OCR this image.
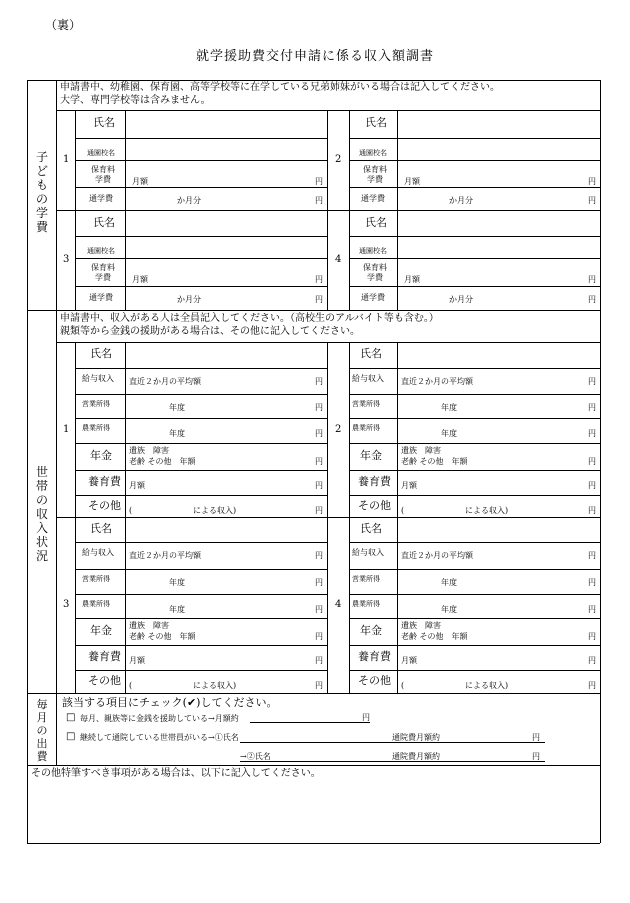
（裏）
就学援助費交付申請に係る収入額調書
申請書中、幼稚園、保育園、高等学校等に在学している兄弟姉妹がいる場合は記入してください。
大学、専門学校等は含みません。
子どもの学費
1
氏名
通園校名
保育料
学費	月額	円
通学費	か月分	円
2
氏名
通園校名
保育料
学費	月額	円
通学費	か月分	円
3
氏名
通園校名
保育料
学費	月額	円
通学費	か月分	円
4
氏名
通園校名
保育料
学費	月額	円
通学費	か月分	円
申請書中、収入がある人は全員記入してください。（高校生のアルバイト等も含む。）
親類等から金銭の援助がある場合は、その他に記入してください。
世帯の収入状況
1
氏名
給与収入 直近２か月の平均額	円
営業所得	年度	円
農業所得
年度	円
年金 遺族　障害
老齢 その他　年額	円
養育費 月額	円
その他 (	による収入)	円
2
氏名
給与収入 直近２か月の平均額	円
営業所得	年度	円
農業所得
年度	円
年金 遺族　障害
老齢 その他　年額	円
養育費 月額	円
その他 (	による収入)	円
3
氏名
給与収入 直近２か月の平均額	円
営業所得	年度	円
農業所得
年度	円
年金 遺族　障害
老齢 その他　年額	円
養育費 月額	円
その他 (	による収入)	円
4
氏名
給与収入 直近２か月の平均額	円
営業所得	年度	円
農業所得
年度	円
年金 遺族　障害
老齢 その他　年額	円
養育費 月額	円
その他 (	による収入)	円
毎月の出費
該当する項目にチェック(✔)してください。
□ 毎月、親族等に金銭を援助している→月額約	円
□ 継続して通院している世帯員がいる→①氏名	通院費月額約	円
→②氏名	通院費月額約	円
その他特筆すべき事項がある場合は、以下に記入してください。
